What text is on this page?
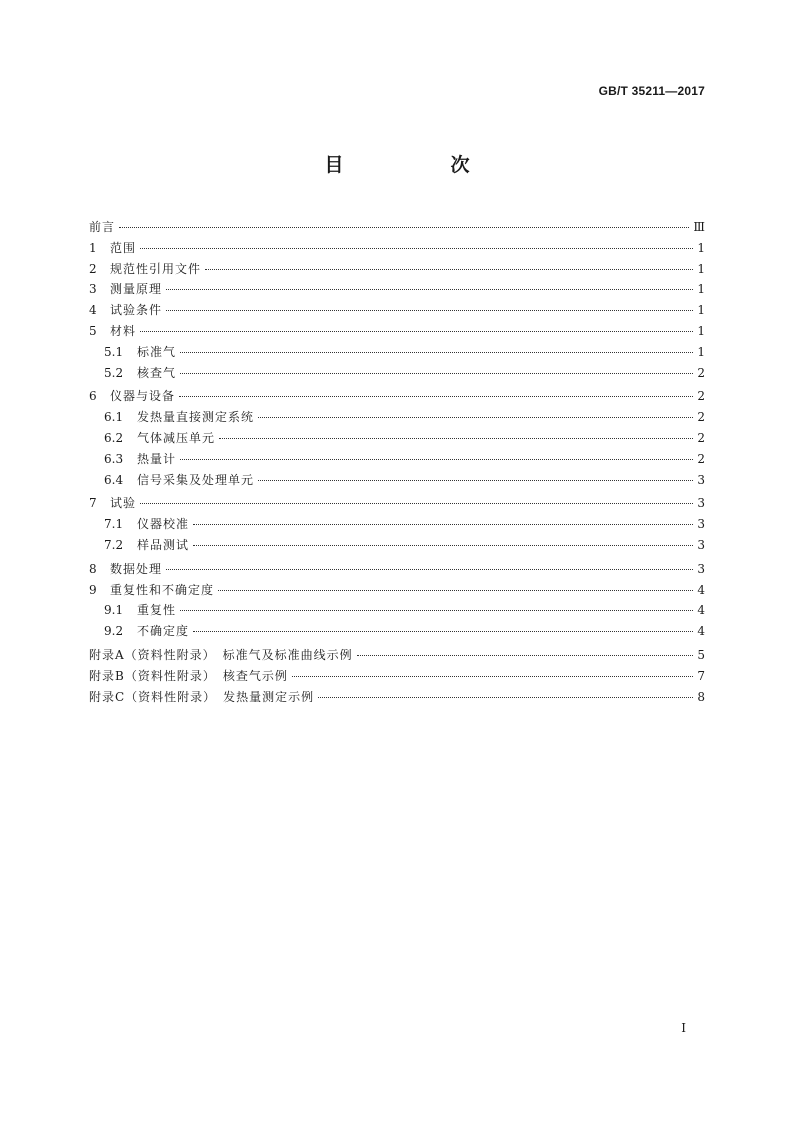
GB/T 35211—2017
目　次
前言	Ⅲ
1	范围	1
2	规范性引用文件	1
3	测量原理	1
4	试验条件	1
5	材料	1
5.1	标准气	1
5.2	核查气	2
6	仪器与设备	2
6.1	发热量直接测定系统	2
6.2	气体减压单元	2
6.3	热量计	2
6.4	信号采集及处理单元	3
7	试验	3
7.1	仪器校准	3
7.2	样品测试	3
8	数据处理	3
9	重复性和不确定度	4
9.1	重复性	4
9.2	不确定度	4
附录A（资料性附录）　标准气及标准曲线示例	5
附录B（资料性附录）　核查气示例	7
附录C（资料性附录）　发热量测定示例	8
Ⅰ
